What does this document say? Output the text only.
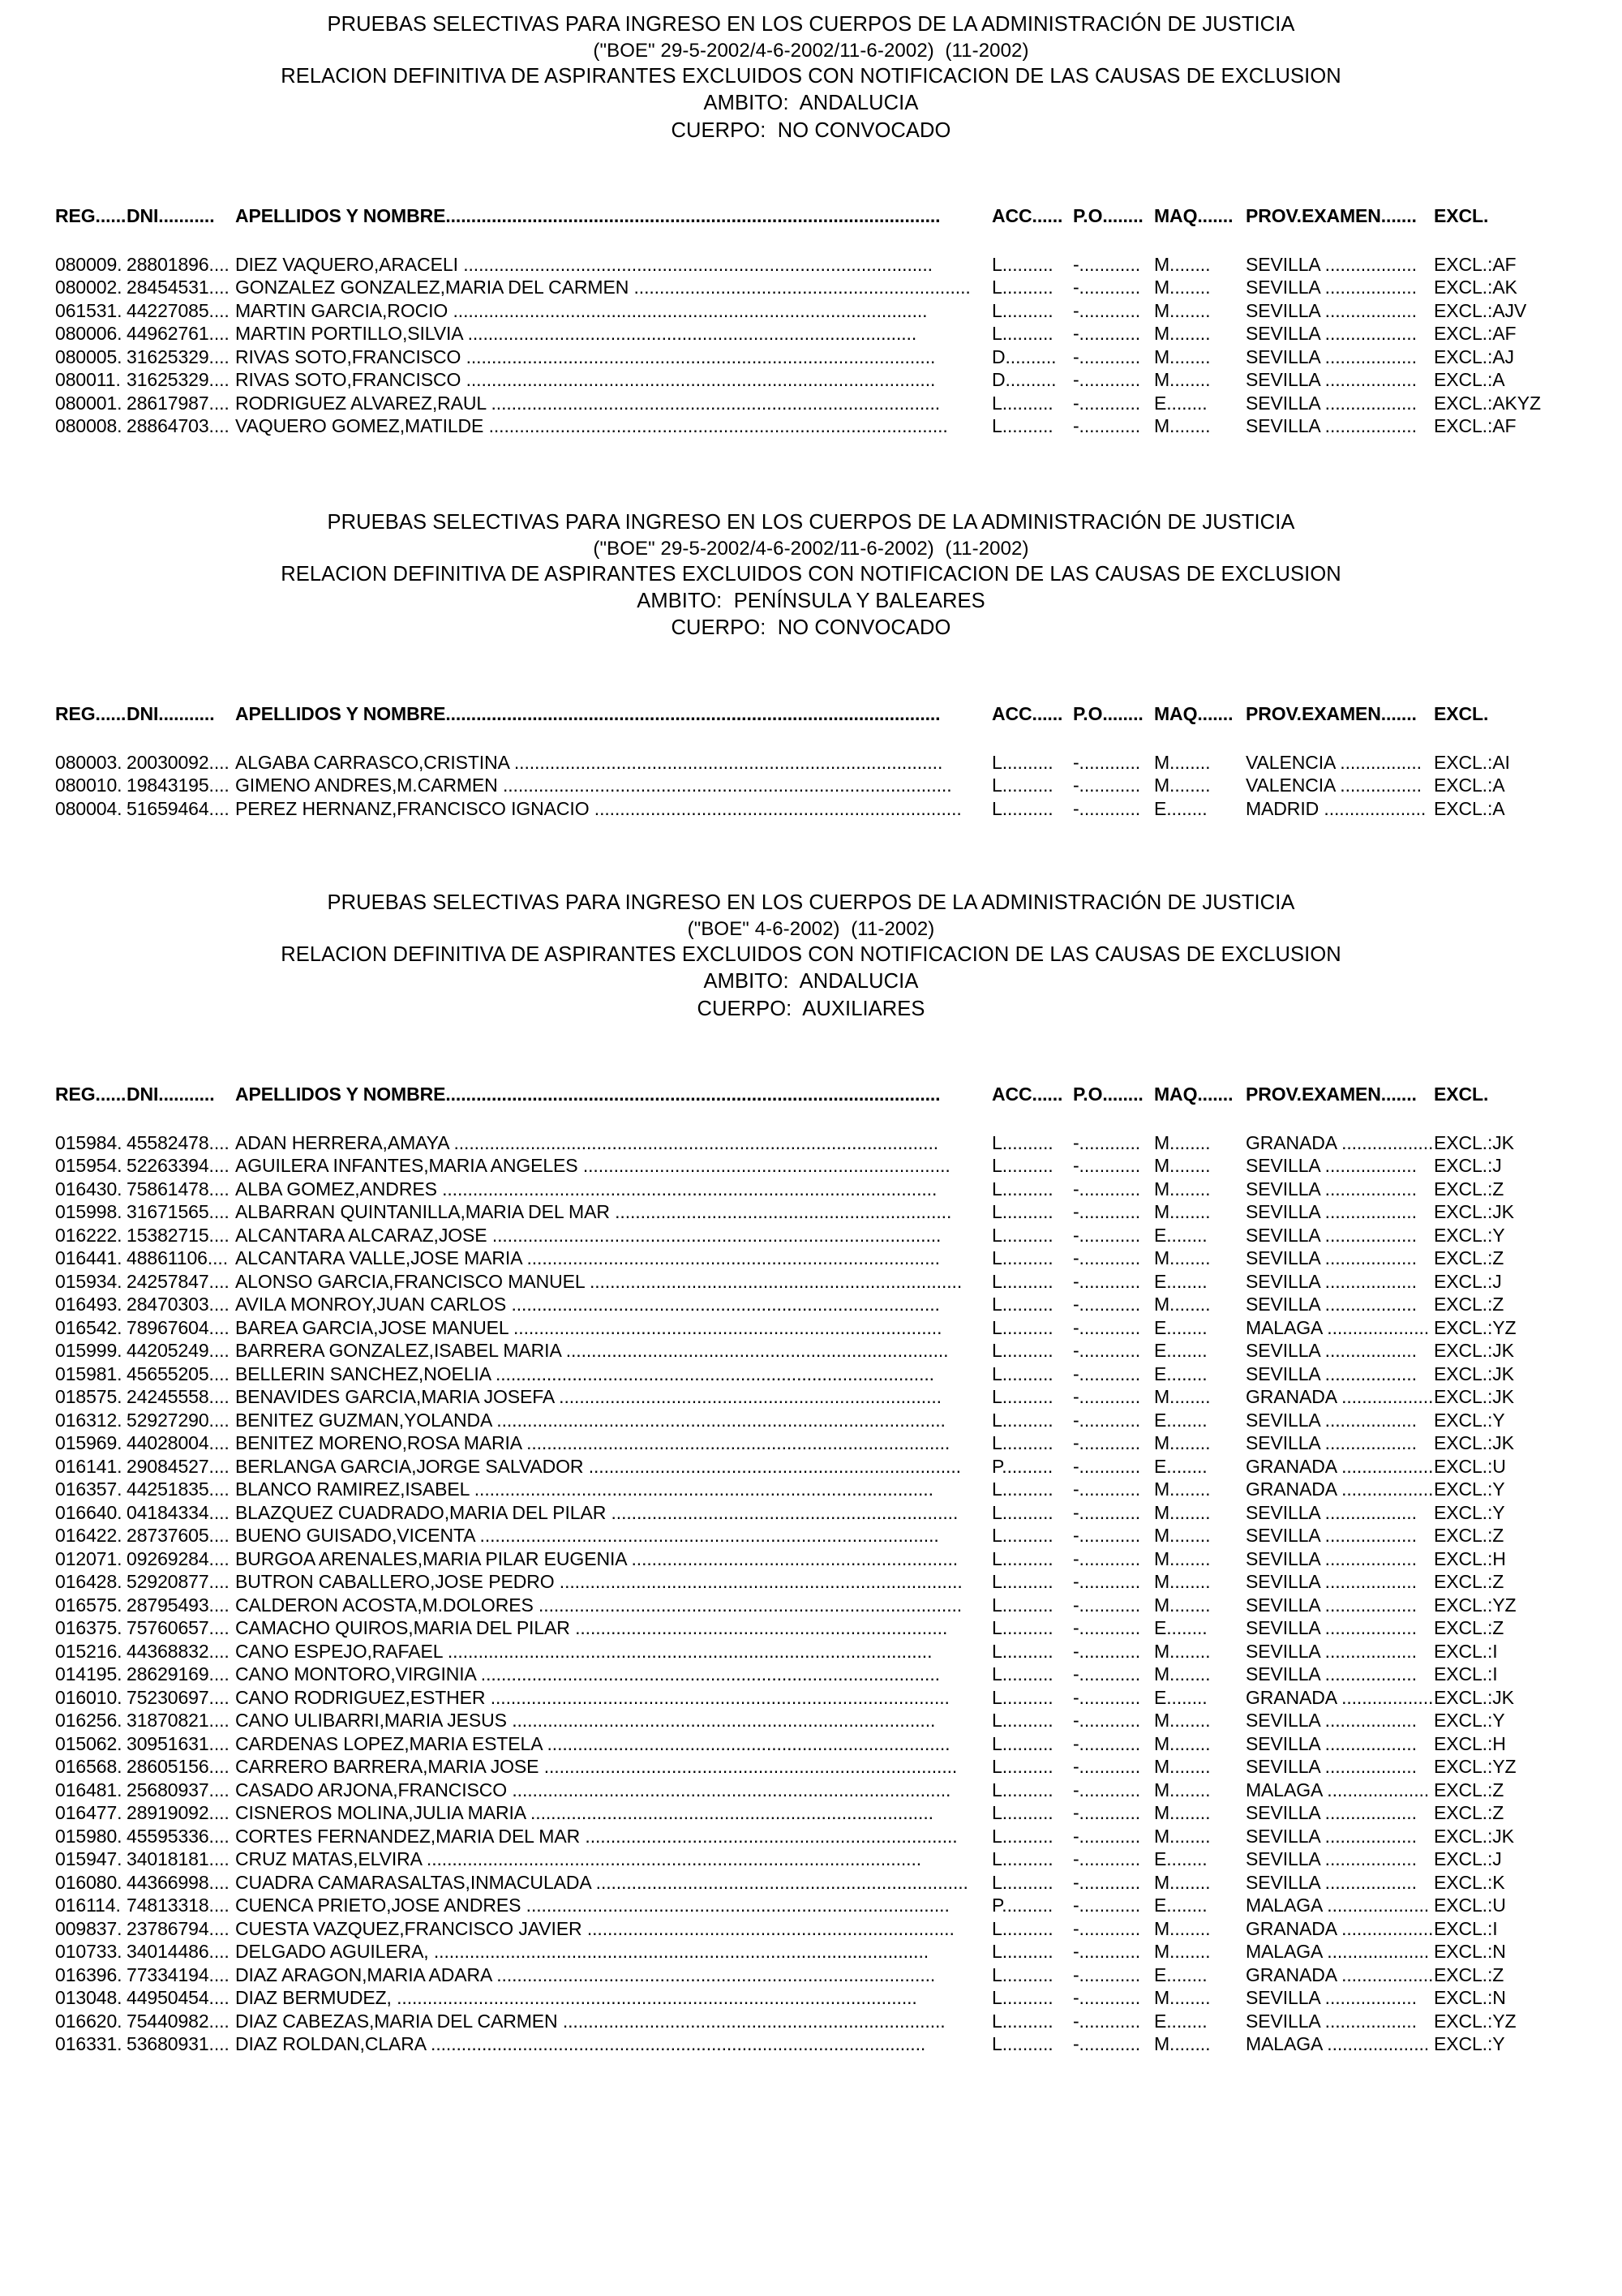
PRUEBAS SELECTIVAS PARA INGRESO EN LOS CUERPOS DE LA ADMINISTRACIÓN DE JUSTICIA
("BOE" 29-5-2002/4-6-2002/11-6-2002)  (11-2002)
RELACION DEFINITIVA DE ASPIRANTES EXCLUIDOS CON NOTIFICACION DE LAS CAUSAS DE EXCLUSION
AMBITO:  ANDALUCIA
CUERPO:  NO CONVOCADO
REG...... DNI........... APELLIDOS Y NOMBRE.................................................................................................	ACC...... P.O........ MAQ....... PROV.EXAMEN....... EXCL.
080009. 28801896.... DIEZ VAQUERO,ARACELI ............................................................................................	L.......... -............ M........ SEVILLA .................. EXCL.:AF
080002. 28454531.... GONZALEZ GONZALEZ,MARIA DEL CARMEN .................................................................. L.......... -............ M........ SEVILLA .................. EXCL.:AK
061531. 44227085.... MARTIN GARCIA,ROCIO .............................................................................................	L.......... -............ M........ SEVILLA .................. EXCL.:AJV
080006. 44962761.... MARTIN PORTILLO,SILVIA ........................................................................................	L.......... -............ M........ SEVILLA .................. EXCL.:AF
080005. 31625329.... RIVAS SOTO,FRANCISCO ............................................................................................	D.......... -............ M........ SEVILLA .................. EXCL.:AJ
080011. 31625329.... RIVAS SOTO,FRANCISCO ............................................................................................	D.......... -............ M........ SEVILLA .................. EXCL.:A
080001. 28617987.... RODRIGUEZ ALVAREZ,RAUL ........................................................................................	L.......... -............ E........ SEVILLA .................. EXCL.:AKYZ
080008. 28864703.... VAQUERO GOMEZ,MATILDE .......................................................................................... L.......... -............ M........ SEVILLA .................. EXCL.:AF
PRUEBAS SELECTIVAS PARA INGRESO EN LOS CUERPOS DE LA ADMINISTRACIÓN DE JUSTICIA
("BOE" 29-5-2002/4-6-2002/11-6-2002)  (11-2002)
RELACION DEFINITIVA DE ASPIRANTES EXCLUIDOS CON NOTIFICACION DE LAS CAUSAS DE EXCLUSION
AMBITO:  PENÍNSULA Y BALEARES
CUERPO:  NO CONVOCADO
REG...... DNI........... APELLIDOS Y NOMBRE.................................................................................................	ACC...... P.O........ MAQ....... PROV.EXAMEN....... EXCL.
080003. 20030092.... ALGABA CARRASCO,CRISTINA ....................................................................................	L.......... -............ M........ VALENCIA ................ EXCL.:AI
080010. 19843195.... GIMENO ANDRES,M.CARMEN ........................................................................................ L.......... -............ M........ VALENCIA ................ EXCL.:A
080004. 51659464.... PEREZ HERNANZ,FRANCISCO IGNACIO ........................................................................ L.......... -............ E........ MADRID .................... EXCL.:A
PRUEBAS SELECTIVAS PARA INGRESO EN LOS CUERPOS DE LA ADMINISTRACIÓN DE JUSTICIA
("BOE" 4-6-2002)  (11-2002)
RELACION DEFINITIVA DE ASPIRANTES EXCLUIDOS CON NOTIFICACION DE LAS CAUSAS DE EXCLUSION
AMBITO:  ANDALUCIA
CUERPO:  AUXILIARES
REG...... DNI........... APELLIDOS Y NOMBRE.................................................................................................	ACC...... P.O........ MAQ....... PROV.EXAMEN....... EXCL.
015984. 45582478.... ADAN HERRERA,AMAYA ...............................................................................................	L.......... -............ M........ GRANADA .................. EXCL.:JK
015954. 52263394.... AGUILERA INFANTES,MARIA ANGELES ........................................................................ L.......... -............ M........ SEVILLA .................. EXCL.:J
016430. 75861478.... ALBA GOMEZ,ANDRES .................................................................................................	L.......... -............ M........ SEVILLA .................. EXCL.:Z
015998. 31671565.... ALBARRAN QUINTANILLA,MARIA DEL MAR .................................................................. L.......... -............ M........ SEVILLA .................. EXCL.:JK
016222. 15382715.... ALCANTARA ALCARAZ,JOSE ........................................................................................	L.......... -............ E........ SEVILLA .................. EXCL.:Y
016441. 48861106.... ALCANTARA VALLE,JOSE MARIA .................................................................................	L.......... -............ M........ SEVILLA .................. EXCL.:Z
015934. 24257847.... ALONSO GARCIA,FRANCISCO MANUEL ......................................................................... L.......... -............ E........ SEVILLA .................. EXCL.:J
016493. 28470303.... AVILA MONROY,JUAN CARLOS ....................................................................................	L.......... -............ M........ SEVILLA .................. EXCL.:Z
016542. 78967604.... BAREA GARCIA,JOSE MANUEL ....................................................................................	L.......... -............ E........ MALAGA .................... EXCL.:YZ
015999. 44205249.... BARRERA GONZALEZ,ISABEL MARIA ........................................................................... L.......... -............ E........ SEVILLA .................. EXCL.:JK
015981. 45655205.... BELLERIN SANCHEZ,NOELIA ......................................................................................	L.......... -............ E........ SEVILLA .................. EXCL.:JK
018575. 24245558.... BENAVIDES GARCIA,MARIA JOSEFA ...........................................................................	L.......... -............ M........ GRANADA .................. EXCL.:JK
016312. 52927290.... BENITEZ GUZMAN,YOLANDA ........................................................................................ L.......... -............ E........ SEVILLA .................. EXCL.:Y
015969. 44028004.... BENITEZ MORENO,ROSA MARIA ................................................................................... L.......... -............ M........ SEVILLA .................. EXCL.:JK
016141. 29084527.... BERLANGA GARCIA,JORGE SALVADOR ......................................................................... P.......... -............ E........ GRANADA .................. EXCL.:U
016357. 44251835.... BLANCO RAMIREZ,ISABEL ..........................................................................................	L.......... -............ M........ GRANADA .................. EXCL.:Y
016640. 04184334.... BLAZQUEZ CUADRADO,MARIA DEL PILAR .................................................................... L.......... -............ M........ SEVILLA .................. EXCL.:Y
016422. 28737605.... BUENO GUISADO,VICENTA ..........................................................................................	L.......... -............ M........ SEVILLA .................. EXCL.:Z
012071. 09269284.... BURGOA ARENALES,MARIA PILAR EUGENIA ................................................................ L.......... -............ M........ SEVILLA .................. EXCL.:H
016428. 52920877.... BUTRON CABALLERO,JOSE PEDRO ............................................................................... L.......... -............ M........ SEVILLA .................. EXCL.:Z
016575. 28795493.... CALDERON ACOSTA,M.DOLORES ................................................................................... L.......... -............ M........ SEVILLA .................. EXCL.:YZ
016375. 75760657.... CAMACHO QUIROS,MARIA DEL PILAR ......................................................................... L.......... -............ E........ SEVILLA .................. EXCL.:Z
015216. 44368832.... CANO ESPEJO,RAFAEL ...............................................................................................	L.......... -............ M........ SEVILLA .................. EXCL.:I
014195. 28629169.... CANO MONTORO,VIRGINIA ..........................................................................................	L.......... -............ M........ SEVILLA .................. EXCL.:I
016010. 75230697.... CANO RODRIGUEZ,ESTHER .......................................................................................... L.......... -............ E........ GRANADA .................. EXCL.:JK
016256. 31870821.... CANO ULIBARRI,MARIA JESUS ...................................................................................	L.......... -............ M........ SEVILLA .................. EXCL.:Y
015062. 30951631.... CARDENAS LOPEZ,MARIA ESTELA ............................................................................... L.......... -............ M........ SEVILLA .................. EXCL.:H
016568. 28605156.... CARRERO BARRERA,MARIA JOSE ................................................................................. L.......... -............ M........ SEVILLA .................. EXCL.:YZ
016481. 25680937.... CASADO ARJONA,FRANCISCO ...................................................................................... L.......... -............ M........ MALAGA .................... EXCL.:Z
016477. 28919092.... CISNEROS MOLINA,JULIA MARIA ...............................................................................	L.......... -............ M........ SEVILLA .................. EXCL.:Z
015980. 45595336.... CORTES FERNANDEZ,MARIA DEL MAR ......................................................................... L.......... -............ M........ SEVILLA .................. EXCL.:JK
015947. 34018181.... CRUZ MATAS,ELVIRA .................................................................................................	L.......... -............ E........ SEVILLA .................. EXCL.:J
016080. 44366998.... CUADRA CAMARASALTAS,INMACULADA ......................................................................... L.......... -............ M........ SEVILLA .................. EXCL.:K
016114. 74813318.... CUENCA PRIETO,JOSE ANDRES ................................................................................... P.......... -............ E........ MALAGA .................... EXCL.:U
009837. 23786794.... CUESTA VAZQUEZ,FRANCISCO JAVIER ........................................................................ L.......... -............ M........ GRANADA .................. EXCL.:I
010733. 34014486.... DELGADO AGUILERA, .................................................................................................	L.......... -............ M........ MALAGA .................... EXCL.:N
016396. 77334194.... DIAZ ARAGON,MARIA ADARA ......................................................................................	L.......... -............ E........ GRANADA .................. EXCL.:Z
013048. 44950454.... DIAZ BERMUDEZ, ......................................................................................................	L.......... -............ M........ SEVILLA .................. EXCL.:N
016620. 75440982.... DIAZ CABEZAS,MARIA DEL CARMEN ........................................................................... L.......... -............ E........ SEVILLA .................. EXCL.:YZ
016331. 53680931.... DIAZ ROLDAN,CLARA .................................................................................................	L.......... -............ M........ MALAGA .................... EXCL.:Y
